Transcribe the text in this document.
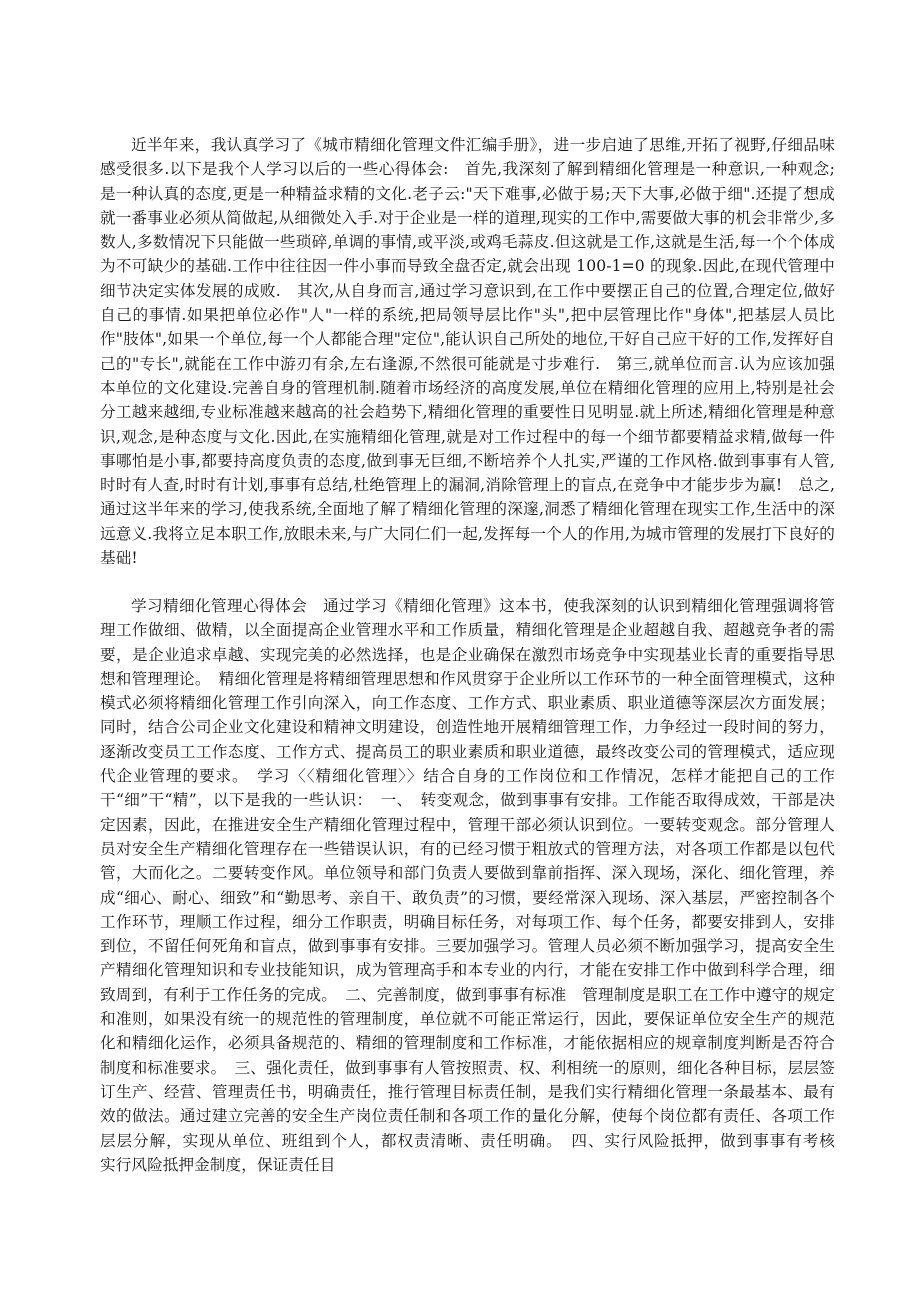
近半年来，我认真学习了《城市精细化管理文件汇编手册》，进一步启迪了思维,开拓了视野,仔细品味感受很多.以下是我个人学习以后的一些心得体会:　首先,我深刻了解到精细化管理是一种意识,一种观念; 是一种认真的态度,更是一种精益求精的文化.老子云:"天下难事,必做于易;天下大事,必做于细".还提了想成就一番事业必须从简做起,从细微处入手.对于企业是一样的道理,现实的工作中,需要做大事的机会非常少,多数人,多数情况下只能做一些琐碎,单调的事情,或平淡,或鸡毛蒜皮.但这就是工作,这就是生活,每一个个体成为不可缺少的基础.工作中往往因一件小事而导致全盘否定,就会出现 100-1=0 的现象.因此,在现代管理中细节决定实体发展的成败.　其次,从自身而言,通过学习意识到,在工作中要摆正自己的位置,合理定位,做好自己的事情.如果把单位必作"人"一样的系统,把局领导层比作"头",把中层管理比作"身体",把基层人员比作"肢体",如果一个单位,每一个人都能合理"定位",能认识自己所处的地位,干好自己应干好的工作,发挥好自己的"专长",就能在工作中游刃有余,左右逢源,不然很可能就是寸步难行.　第三,就单位而言.认为应该加强本单位的文化建设.完善自身的管理机制.随着市场经济的高度发展,单位在精细化管理的应用上,特别是社会分工越来越细,专业标准越来越高的社会趋势下,精细化管理的重要性日见明显.就上所述,精细化管理是种意识,观念,是种态度与文化.因此,在实施精细化管理,就是对工作过程中的每一个细节都要精益求精,做每一件事哪怕是小事,都要持高度负责的态度,做到事无巨细,不断培养个人扎实,严谨的工作风格.做到事事有人管,时时有人查,时时有计划,事事有总结,杜绝管理上的漏洞,消除管理上的盲点,在竞争中才能步步为赢!　总之,通过这半年来的学习,使我系统,全面地了解了精细化管理的深邃,洞悉了精细化管理在现实工作,生活中的深远意义.我将立足本职工作,放眼未来,与广大同仁们一起,发挥每一个人的作用,为城市管理的发展打下良好的基础!

学习精细化管理心得体会　通过学习《精细化管理》这本书，使我深刻的认识到精细化管理强调将管理工作做细、做精，以全面提高企业管理水平和工作质量，精细化管理是企业超越自我、超越竞争者的需要，是企业追求卓越、实现完美的必然选择，也是企业确保在激烈市场竞争中实现基业长青的重要指导思想和管理理论。　精细化管理是将精细管理思想和作风贯穿于企业所以工作环节的一种全面管理模式，这种模式必须将精细化管理工作引向深入，向工作态度、工作方式、职业素质、职业道德等深层次方面发展；同时，结合公司企业文化建设和精神文明建设，创造性地开展精细管理工作，力争经过一段时间的努力，逐渐改变员工工作态度、工作方式、提高员工的职业素质和职业道德，最终改变公司的管理模式，适应现代企业管理的要求。　学习〈〈精细化管理〉〉结合自身的工作岗位和工作情况，怎样才能把自己的工作干“细”干“精”，以下是我的一些认识：　一、　转变观念，做到事事有安排。工作能否取得成效，干部是决定因素，因此，在推进安全生产精细化管理过程中，管理干部必须认识到位。一要转变观念。部分管理人员对安全生产精细化管理存在一些错误认识，有的已经习惯于粗放式的管理方法，对各项工作都是以包代管，大而化之。二要转变作风。单位领导和部门负责人要做到靠前指挥、深入现场，深化、细化管理，养成“细心、耐心、细致”和“勤思考、亲自干、敢负责”的习惯，要经常深入现场、深入基层，严密控制各个工作环节，理顺工作过程，细分工作职责，明确目标任务，对每项工作、每个任务，都要安排到人，安排到位，不留任何死角和盲点，做到事事有安排。三要加强学习。管理人员必须不断加强学习，提高安全生产精细化管理知识和专业技能知识，成为管理高手和本专业的内行，才能在安排工作中做到科学合理，细致周到，有利于工作任务的完成。　二、完善制度，做到事事有标准　管理制度是职工在工作中遵守的规定和准则，如果没有统一的规范性的管理制度，单位就不可能正常运行，因此，要保证单位安全生产的规范化和精细化运作，必须具备规范的、精细的管理制度和工作标准，才能依据相应的规章制度判断是否符合制度和标准要求。　三、强化责任，做到事事有人管按照责、权、利相统一的原则，细化各种目标，层层签订生产、经营、管理责任书，明确责任，推行管理目标责任制，是我们实行精细化管理一条最基本、最有效的做法。通过建立完善的安全生产岗位责任制和各项工作的量化分解，使每个岗位都有责任、各项工作层层分解，实现从单位、班组到个人，都权责清晰、责任明确。　四、实行风险抵押，做到事事有考核　　实行风险抵押金制度，保证责任目
